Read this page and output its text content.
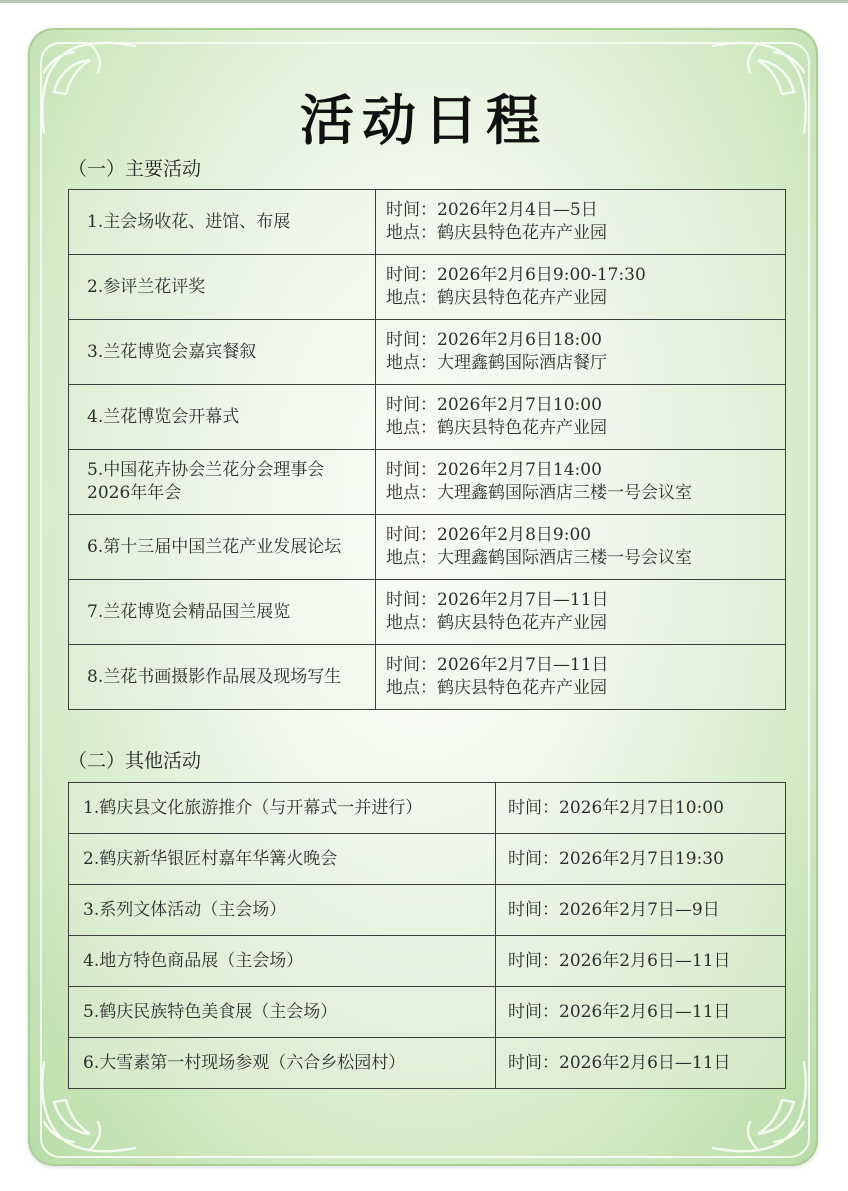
活动日程
（一）主要活动
1.主会场收花、进馆、布展	时间：2026年2月4日—5日
地点：鹤庆县特色花卉产业园

2.参评兰花评奖	时间：2026年2月6日9:00-17:30
地点：鹤庆县特色花卉产业园

3.兰花博览会嘉宾餐叙	时间：2026年2月6日18:00
地点：大理鑫鹤国际酒店餐厅

4.兰花博览会开幕式	时间：2026年2月7日10:00
地点：鹤庆县特色花卉产业园

5.中国花卉协会兰花分会理事会2026年年会	时间：2026年2月7日14:00
地点：大理鑫鹤国际酒店三楼一号会议室

6.第十三届中国兰花产业发展论坛	时间：2026年2月8日9:00
地点：大理鑫鹤国际酒店三楼一号会议室

7.兰花博览会精品国兰展览	时间：2026年2月7日—11日
地点：鹤庆县特色花卉产业园

8.兰花书画摄影作品展及现场写生	时间：2026年2月7日—11日
地点：鹤庆县特色花卉产业园
（二）其他活动
1.鹤庆县文化旅游推介（与开幕式一并进行）	时间：2026年2月7日10:00
2.鹤庆新华银匠村嘉年华篝火晚会	时间：2026年2月7日19:30
3.系列文体活动（主会场）	时间：2026年2月7日—9日
4.地方特色商品展（主会场）	时间：2026年2月6日—11日
5.鹤庆民族特色美食展（主会场）	时间：2026年2月6日—11日
6.大雪素第一村现场参观（六合乡松园村）	时间：2026年2月6日—11日
